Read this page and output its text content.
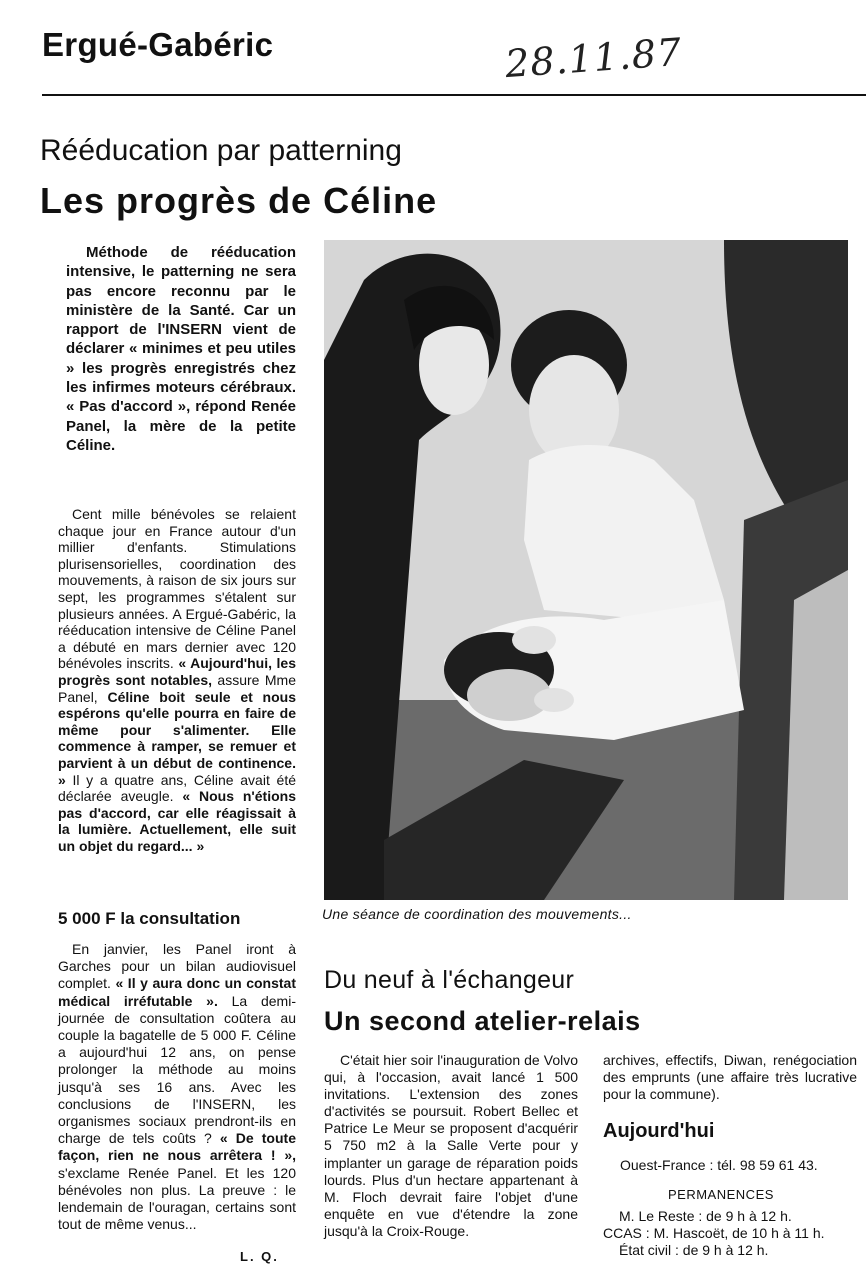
Ergué-Gabéric	28.11.87
Rééducation par patterning
Les progrès de Céline

Méthode de rééducation intensive, le patterning ne sera pas encore reconnu par le ministère de la Santé. Car un rapport de l'INSERN vient de déclarer « minimes et peu utiles » les progrès enregistrés chez les infirmes moteurs cérébraux. « Pas d'accord », répond Renée Panel, la mère de la petite Céline.

Cent mille bénévoles se relaient chaque jour en France autour d'un millier d'enfants. Stimulations plurisensorielles, coordination des mouvements, à raison de six jours sur sept, les programmes s'étalent sur plusieurs années. A Ergué-Gabéric, la rééducation intensive de Céline Panel a débuté en mars dernier avec 120 bénévoles inscrits. « Aujourd'hui, les progrès sont notables, assure Mme Panel, Céline boit seule et nous espérons qu'elle pourra en faire de même pour s'alimenter. Elle commence à ramper, se remuer et parvient à un début de continence. » Il y a quatre ans, Céline avait été déclarée aveugle. « Nous n'étions pas d'accord, car elle réagissait à la lumière. Actuellement, elle suit un objet du regard... »

5 000 F la consultation

En janvier, les Panel iront à Garches pour un bilan audiovisuel complet. « Il y aura donc un constat médical irréfutable ». La demi-journée de consultation coûtera au couple la bagatelle de 5 000 F. Céline a aujourd'hui 12 ans, on pense prolonger la méthode au moins jusqu'à ses 16 ans. Avec les conclusions de l'INSERN, les organismes sociaux prendront-ils en charge de tels coûts ? « De toute façon, rien ne nous arrêtera ! », s'exclame Renée Panel. Et les 120 bénévoles non plus. La preuve : le lendemain de l'ouragan, certains sont tout de même venus...

L. Q.
Une séance de coordination des mouvements...
Du neuf à l'échangeur
Un second atelier-relais

C'était hier soir l'inauguration de Volvo qui, à l'occasion, avait lancé 1 500 invitations. L'extension des zones d'activités se poursuit. Robert Bellec et Patrice Le Meur se proposent d'acquérir 5 750 m2 à la Salle Verte pour y implanter un garage de réparation poids lourds. Plus d'un hectare appartenant à M. Floch devrait faire l'objet d'une enquête en vue d'étendre la zone jusqu'à la Croix-Rouge.

archives, effectifs, Diwan, renégociation des emprunts (une affaire très lucrative pour la commune).
Aujourd'hui
Ouest-France : tél. 98 59 61 43.
PERMANENCES
M. Le Reste : de 9 h à 12 h.
CCAS : M. Hascoët, de 10 h à 11 h.
État civil : de 9 h à 12 h.
